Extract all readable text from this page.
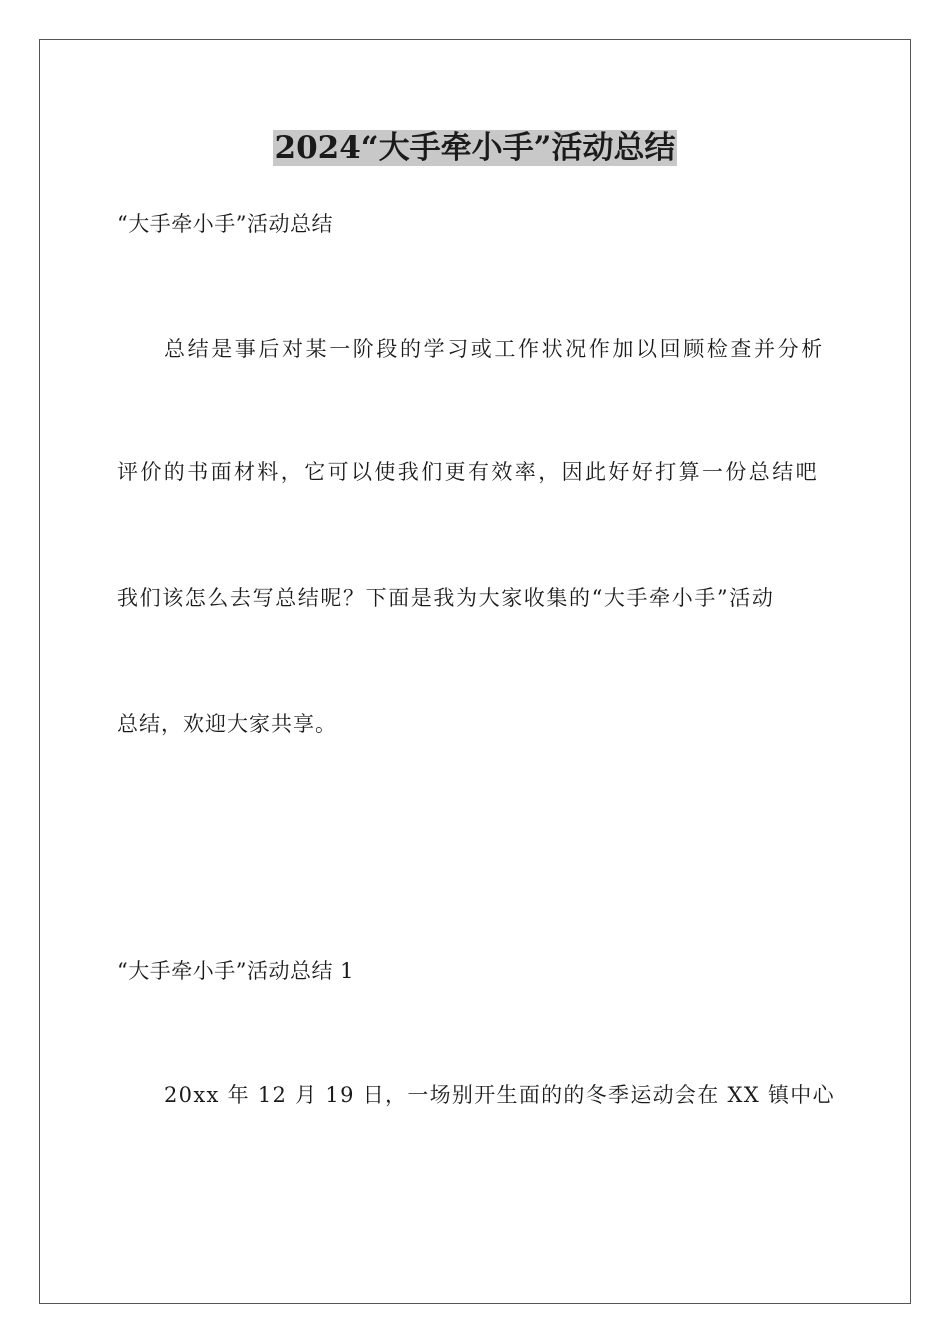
2024“大手牵小手”活动总结

“大手牵小手”活动总结

总结是事后对某一阶段的学习或工作状况作加以回顾检查并分析

评价的书面材料，它可以使我们更有效率，因此好好打算一份总结吧

我们该怎么去写总结呢？下面是我为大家收集的“大手牵小手”活动

总结，欢迎大家共享。

“大手牵小手”活动总结 1

20xx 年 12 月 19 日，一场别开生面的的冬季运动会在 XX 镇中心
